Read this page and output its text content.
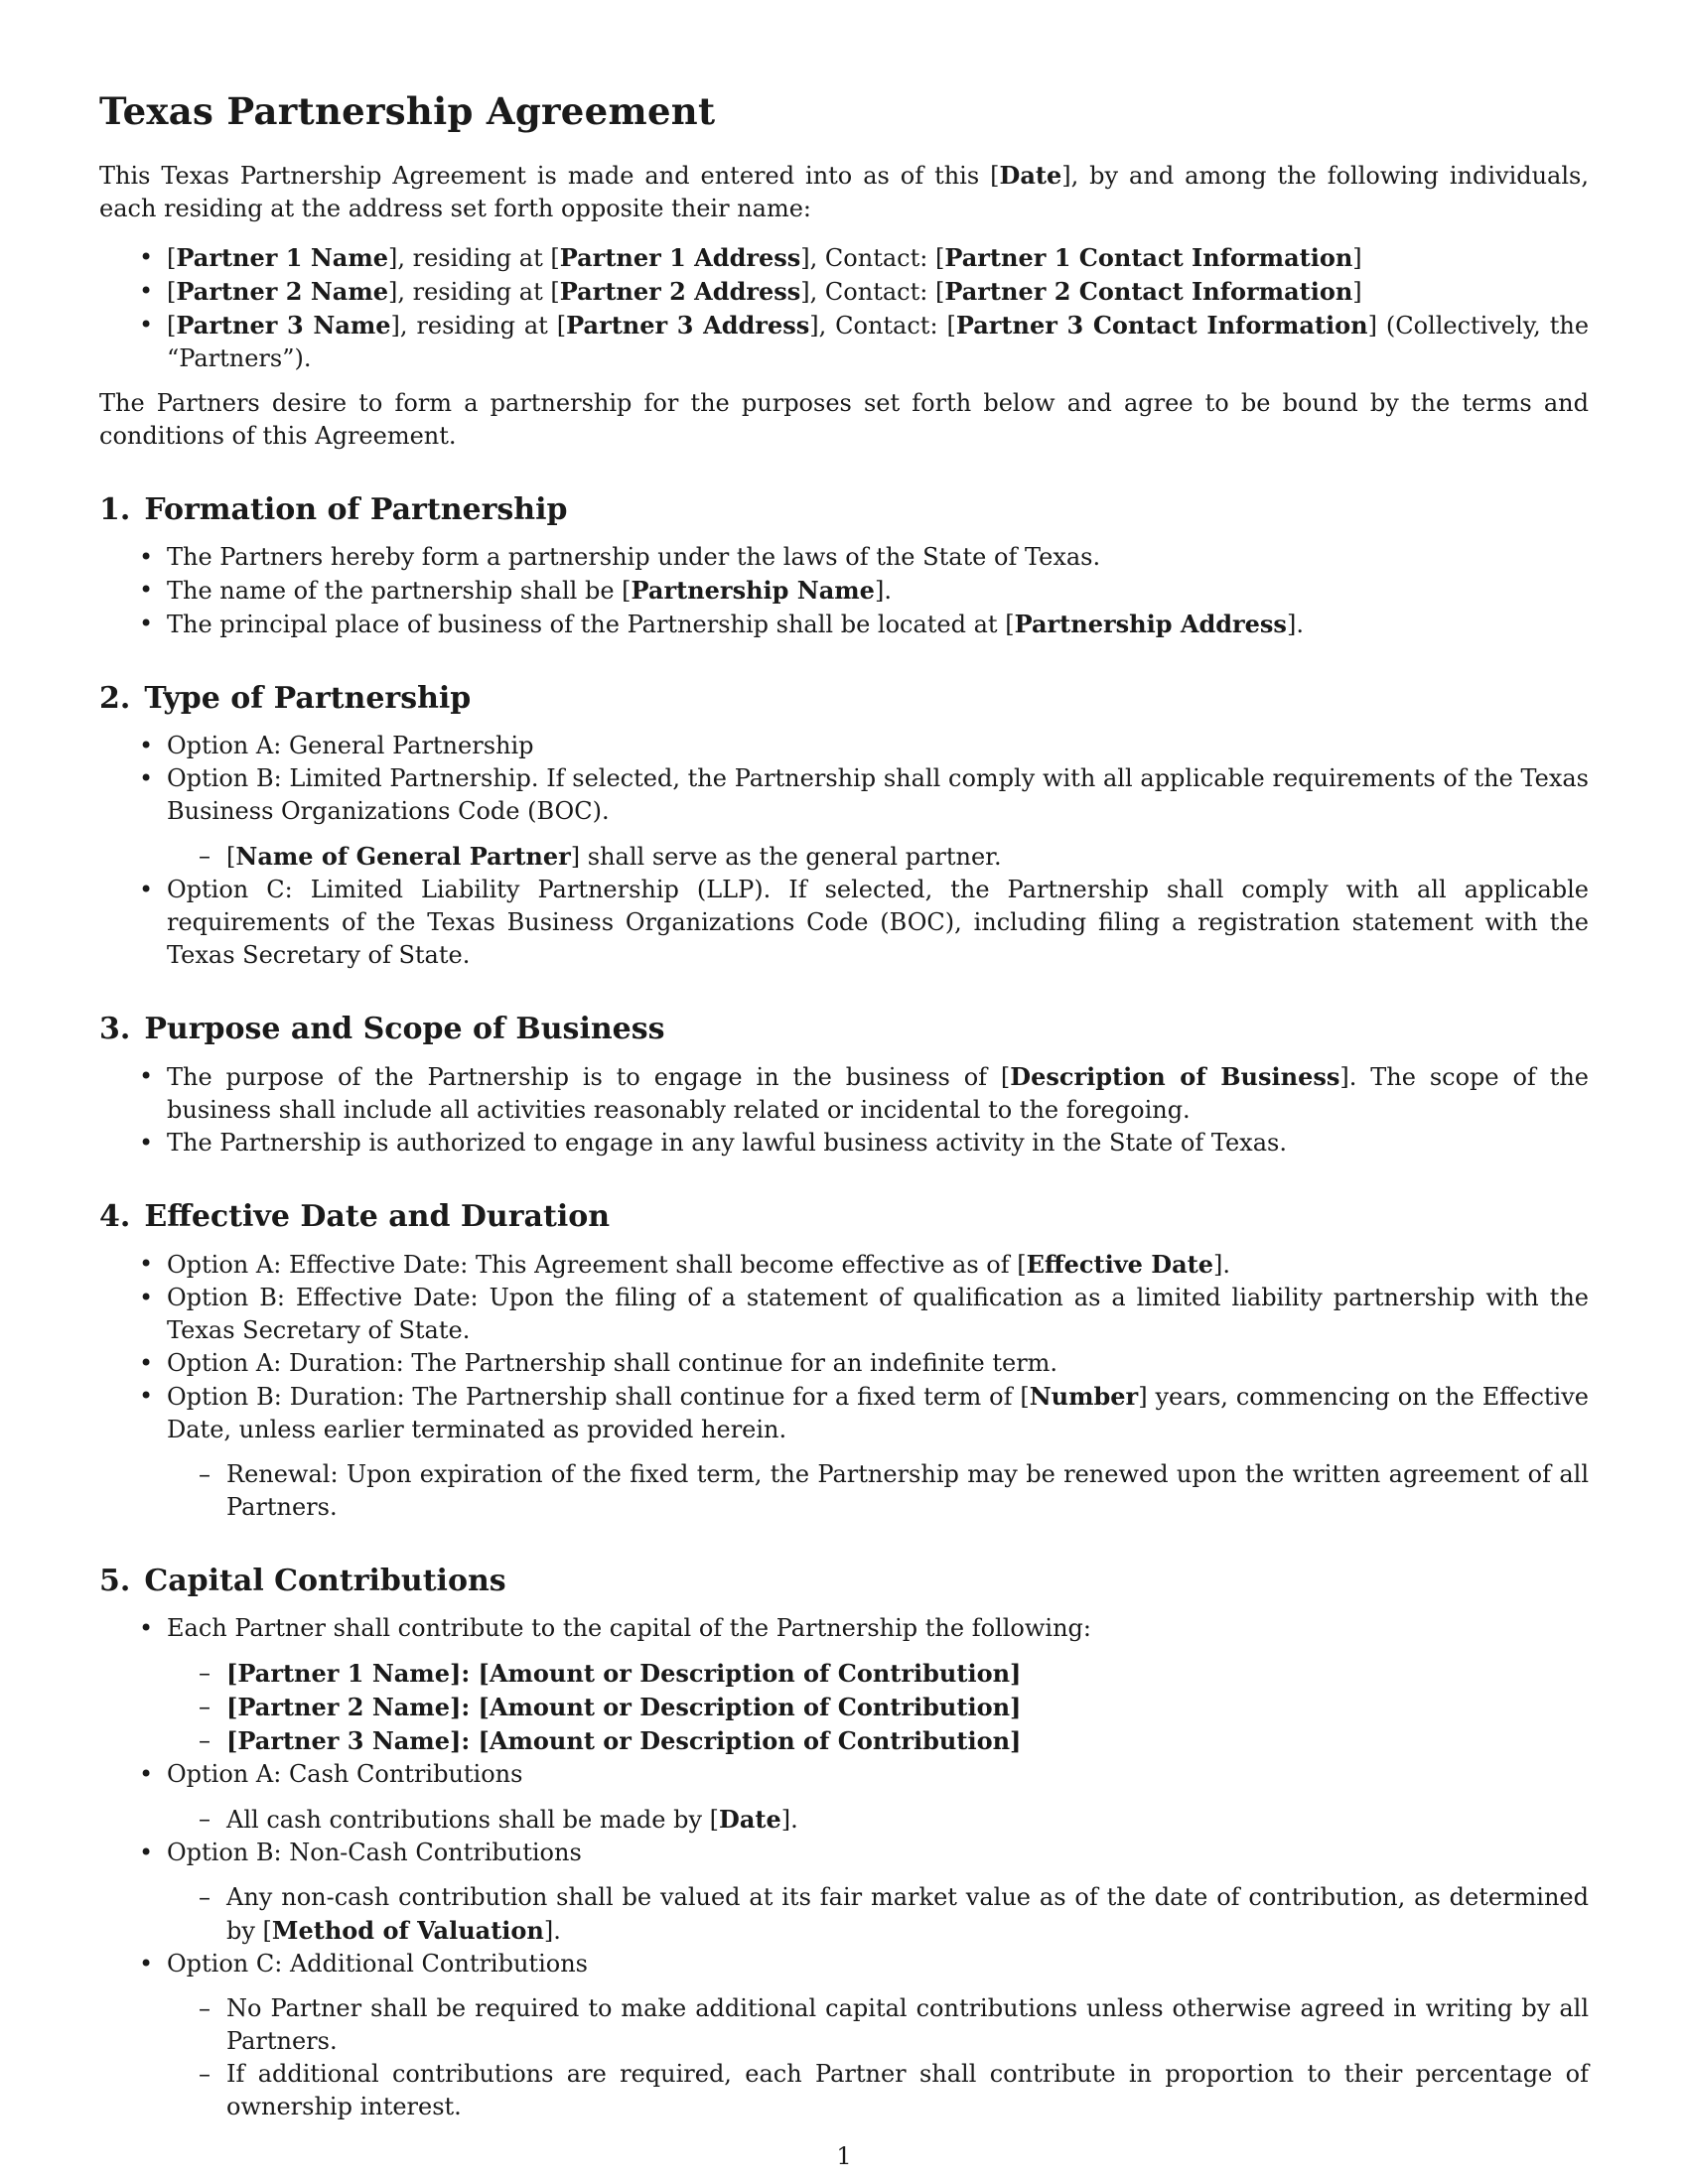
Texas Partnership Agreement

This Texas Partnership Agreement is made and entered into as of this [Date], by and among the following individuals, each residing at the address set forth opposite their name:

• [Partner 1 Name], residing at [Partner 1 Address], Contact: [Partner 1 Contact Information]
• [Partner 2 Name], residing at [Partner 2 Address], Contact: [Partner 2 Contact Information]
• [Partner 3 Name], residing at [Partner 3 Address], Contact: [Partner 3 Contact Information] (Collectively, the “Partners”).

The Partners desire to form a partnership for the purposes set forth below and agree to be bound by the terms and conditions of this Agreement.

1. Formation of Partnership
• The Partners hereby form a partnership under the laws of the State of Texas.
• The name of the partnership shall be [Partnership Name].
• The principal place of business of the Partnership shall be located at [Partnership Address].
2. Type of Partnership
• Option A: General Partnership
• Option B: Limited Partnership. If selected, the Partnership shall comply with all applicable requirements of the Texas Business Organizations Code (BOC).
– [Name of General Partner] shall serve as the general partner.
• Option C: Limited Liability Partnership (LLP). If selected, the Partnership shall comply with all applicable requirements of the Texas Business Organizations Code (BOC), including filing a registration statement with the Texas Secretary of State.
3. Purpose and Scope of Business
• The purpose of the Partnership is to engage in the business of [Description of Business]. The scope of the business shall include all activities reasonably related or incidental to the foregoing.
• The Partnership is authorized to engage in any lawful business activity in the State of Texas.
4. Effective Date and Duration
• Option A: Effective Date: This Agreement shall become effective as of [Effective Date].
• Option B: Effective Date: Upon the filing of a statement of qualification as a limited liability partnership with the Texas Secretary of State.
• Option A: Duration: The Partnership shall continue for an indefinite term.
• Option B: Duration: The Partnership shall continue for a fixed term of [Number] years, commencing on the Effective Date, unless earlier terminated as provided herein.
– Renewal: Upon expiration of the fixed term, the Partnership may be renewed upon the written agreement of all Partners.
5. Capital Contributions
• Each Partner shall contribute to the capital of the Partnership the following:
– [Partner 1 Name]: [Amount or Description of Contribution]
– [Partner 2 Name]: [Amount or Description of Contribution]
– [Partner 3 Name]: [Amount or Description of Contribution]
• Option A: Cash Contributions
– All cash contributions shall be made by [Date].
• Option B: Non-Cash Contributions
– Any non-cash contribution shall be valued at its fair market value as of the date of contribution, as determined by [Method of Valuation].
• Option C: Additional Contributions
– No Partner shall be required to make additional capital contributions unless otherwise agreed in writing by all Partners.
– If additional contributions are required, each Partner shall contribute in proportion to their percentage of ownership interest.
1
